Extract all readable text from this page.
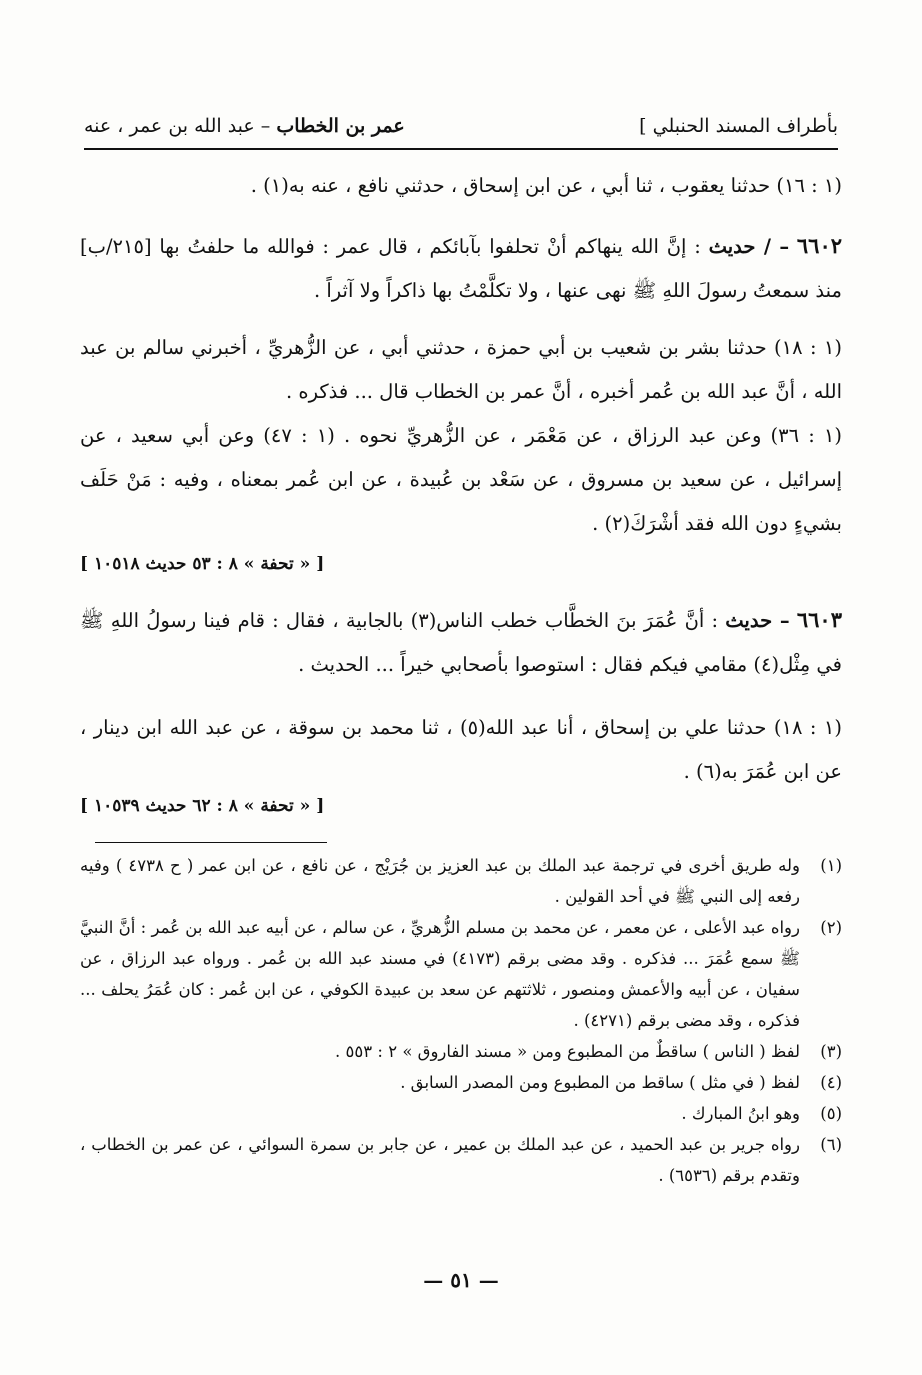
بأطراف المسند الحنبلي ]
عمر بن الخطاب – عبد الله بن عمر ، عنه

(١ : ١٦) حدثنا يعقوب ، ثنا أبي ، عن ابن إسحاق ، حدثني نافع ، عنه به(١) .

٦٦٠٢ – / حديث : إنَّ الله ينهاكم أنْ تحلفوا بآبائكم ، قال عمر : فوالله ما حلفتُ بها [٢١٥/ب] منذ سمعتُ رسولَ اللهِ ﷺ نهى عنها ، ولا تكلَّمْتُ بها ذاكراً ولا آثراً .

(١ : ١٨) حدثنا بشر بن شعيب بن أبي حمزة ، حدثني أبي ، عن الزُّهريِّ ، أخبرني سالم بن عبد الله ، أنَّ عبد الله بن عُمر أخبره ، أنَّ عمر بن الخطاب قال ... فذكره .

(١ : ٣٦) وعن عبد الرزاق ، عن مَعْمَر ، عن الزُّهريِّ نحوه . (١ : ٤٧) وعن أبي سعيد ، عن إسرائيل ، عن سعيد بن مسروق ، عن سَعْد بن عُبيدة ، عن ابن عُمر بمعناه ، وفيه : مَنْ حَلَف بشيءٍ دون الله فقد أشْرَكَ(٢) .

[ « تحفة » ٨ : ٥٣ حديث ١٠٥١٨ ]

٦٦٠٣ – حديث : أنَّ عُمَرَ بنَ الخطَّاب خطب الناس(٣) بالجابية ، فقال : قام فينا رسولُ اللهِ ﷺ في مِثْل(٤) مقامي فيكم فقال : استوصوا بأصحابي خيراً ... الحديث .

(١ : ١٨) حدثنا علي بن إسحاق ، أنا عبد الله(٥) ، ثنا محمد بن سوقة ، عن عبد الله ابن دينار ، عن ابن عُمَرَ به(٦) .

[ « تحفة » ٨ : ٦٢ حديث ١٠٥٣٩ ]
(١)
وله طريق أخرى في ترجمة عبد الملك بن عبد العزيز بن جُرَيْج ، عن نافع ، عن ابن عمر ( ح ٤٧٣٨ ) وفيه رفعه إلى النبي ﷺ في أحد القولين .
(٢)
رواه عبد الأعلى ، عن معمر ، عن محمد بن مسلم الزُّهريِّ ، عن سالم ، عن أبيه عبد الله بن عُمر : أنَّ النبيَّ ﷺ سمع عُمَرَ ... فذكره . وقد مضى برقم (٤١٧٣) في مسند عبد الله بن عُمر . ورواه عبد الرزاق ، عن سفيان ، عن أبيه والأعمش ومنصور ، ثلاثتهم عن سعد بن عبيدة الكوفي ، عن ابن عُمر : كان عُمَرُ يحلف ... فذكره ، وقد مضى برقم (٤٢٧١) .
(٣)
لفظ ( الناس ) ساقطٌ من المطبوع ومن « مسند الفاروق » ٢ : ٥٥٣ .
(٤)
لفظ ( في مثل ) ساقط من المطبوع ومن المصدر السابق .
(٥)
وهو ابنُ المبارك .
(٦)
رواه جرير بن عبد الحميد ، عن عبد الملك بن عمير ، عن جابر بن سمرة السوائي ، عن عمر بن الخطاب ، وتقدم برقم (٦٥٣٦) .
— ٥١ —
